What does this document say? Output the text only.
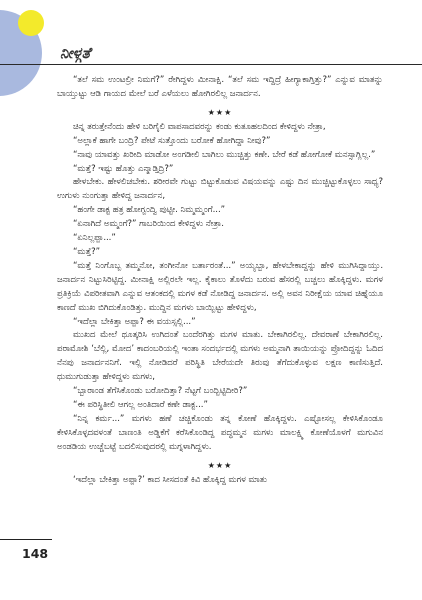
ನೀಳ್ಗತೆ

“ತಲೆ ಸಮ ಉಂಟಲ್ರೀ ನಿಮಗೆ?” ರೇಗಿದ್ದಳು ಮೀನಾಕ್ಷಿ. “ತಲೆ ಸಮ ಇದ್ದಿದ್ರೆ ಹೀಗ್ಯಾಕಾಗ್ತಿತ್ತು?” ಎನ್ನುವ ಮಾತನ್ನು ಬಾಯ್ತುಟ್ಟು ಆಡಿ ಗಾಯದ ಮೇಲೆ ಬರೆ ಎಳೆಯಲು ಹೋಗಿರಲಿಲ್ಲ ಜನಾರ್ದನ.

★★★

ಚಿನ್ನ ತರುತ್ತೇನೆಂದು ಹೇಳಿ ಬರಿಗೈಲಿ ವಾಪಸಾದವರನ್ನು ಕಂಡು ಕುತೂಹಲದಿಂದ ಕೇಳಿದ್ದಳು ನೇತ್ರಾ,

“ಅಲ್ಲಾಕೆ ಹಾಗೇ ಬಂದ್ರಿ? ಪೇಟೆ ಸುತ್ತೊಂದು ಬರೋಕೆ ಹೋಗಿದ್ದಾ ನೀವು?”

“ನಾವು ಯಾವತ್ತು ಖರೀದಿ ಮಾಡೋ ಅಂಗಡೀಲಿ ಬಾಗಿಲು ಮುಚ್ಚಿತ್ತು ಕಣೇ. ಬೇರೆ ಕಡೆ ಹೋಗೋಕೆ ಮನಸ್ಸಾಗ್ಲಿಲ್ಲ.”

“ಮತ್ತೆ? ಇಷ್ಟು ಹೊತ್ತು ಎನ್ಮಾಡ್ತಿದ್ರಿ?”

ಹೇಳಬೇಕು. ಹೇಳಲಿಚಬೇಕು. ಶರೀರವೇ ಗುಟ್ಟು ಬಿಟ್ಟುಕೊಡುವ ವಿಷಯವನ್ನು ಎಷ್ಟು ದಿನ ಮುಚ್ಚಿಟ್ಟುಕೊಳ್ಳಲು ಸಾಧ್ಯ? ಉಗುಳು ನುಂಗುತ್ತಾ ಹೇಳಿದ್ದ ಜನಾರ್ದನ,

“ಹಂಗೇ ಡಾಕ್ಟ ಹತ್ರ ಹೋಗ್ಬಂದ್ವಿ ಪುಟ್ಟೀ. ನಿಮ್ಮಮ್ಮಂಗೆ...”

“ಏನಾಗಿದೆ ಅಮ್ಮಂಗೆ?” ಗಾಬರಿಯಿಂದ ಕೇಳಿದ್ದಳು ನೇತ್ರಾ.

“ಏನಿಲ್ಲಪ್ಪಾ...”

“ಮತ್ತೆ?”

“ಮತ್ತೆ ನಿಂಗೊಬ್ಬ ತಮ್ಮನೋ, ತಂಗೀನೋ ಬರ್ತಾರಂತೆ...” ಅಯ್ಯಬ್ಬಾ, ಹೇಳಬೇಕಾದ್ದನ್ನು ಹೇಳಿ ಮುಗಿಸಿದ್ದಾಯ್ತು. ಜನಾರ್ದನ ನಿಟ್ಟುಸಿರಿಟ್ಟಿದ್ದ. ಮೀನಾಕ್ಷಿ ಅಲ್ಲಿರಲೇ ಇಲ್ಲ. ಕೈಕಾಲು ತೊಳೆದು ಬರುವ ಹೆಸರಲ್ಲಿ ಬಚ್ಚಲು ಹೊಕ್ಕಿದ್ದಳು. ಮಗಳ ಪ್ರತಿಕ್ರಿಯೆ ವಿಪರೀತವಾಗಿ ಎನ್ನುವ ಆತಂಕದಲ್ಲಿ ಮಗಳ ಕಡೆ ನೋಡಿದ್ದ ಜನಾರ್ದನ. ಅಲ್ಲಿ ಅವನ ನಿರೀಕ್ಷೆಯ ಯಾವ ಚಿಹ್ನೆಯೂ ಕಾಣದೆ ಮುಖ ಬಿಗಿದುಕೊಂಡಿತ್ತು. ಮುದ್ದಿನ ಮಗಳು ಬಾಯ್ಬಿಟ್ಟು ಹೇಳಿದ್ದಳು,

“ಇದೆಲ್ಲಾ ಬೇಕಿತ್ತಾ ಅಪ್ಪಾ? ಈ ವಯಸ್ಸಲ್ಲಿ...”

ಮುಖದ ಮೇಲೆ ಥೂತ್ಕರಿಸಿ ಉಗಿದಂತೆ ಬಂದೆರಗಿತ್ತು ಮಗಳ ಮಾತು. ಬೇಕಾಗಿರಲಿಲ್ಲ. ದೇವರಾಣೆ ಬೇಕಾಗಿರಲಿಲ್ಲ. ಪರಾಮೋಶಿ ‘ಬೆಲ್ಲಿ, ಮೋದ’ ಕಾದಂಬರಿಯಲ್ಲಿ ಇಂತಾ ಸಂದರ್ಭದಲ್ಲಿ ಮಗಳು ಅಮ್ಮನಾಗಿ ತಾಯಿಯನ್ನು ಪ್ರೋದಿದ್ದನ್ನು ಓದಿದ ನೆನಪು ಜನಾರ್ದನನಿಗೆ. ಇಲ್ಲಿ ನೋಡಿದರೆ ಪರಿಸ್ಥಿತಿ ಬೇರೆಯದೇ ತಿರುವು ತೆಗೆದುಕೊಳ್ಳುವ ಲಕ್ಷಣ ಕಾಣಿಸುತ್ತಿದೆ. ಧುಮುಗುಡುತ್ತಾ ಹೇಳಿದ್ದಳು ಮಗಳು,

“ಬ್ಬಾರಾಂಡ ತೆಗೆಸಿಕೊಂಡು ಬರೋದಿತ್ತಾ? ನೆಟ್ಟಗೆ ಬಂದ್ಬಿಟ್ಟಿದೀರಿ?”

“ಈ ಪರಿಸ್ಥಿತೀಲಿ ಆಗಲ್ಲ ಅಂತಿದಾರೆ ಕಣೇ ಡಾಕ್ಟ...”

“ನಿನ್ನ ಕರ್ಮ...” ಮಗಳು ಹಣೆ ಚಚ್ಚಿಕೊಂಡು ತನ್ನ ಕೋಣೆ ಹೊಕ್ಕಿದ್ದಳು. ಎಷ್ಟೋಸಲ್ಲ ಕೇಳಿಸಿಕೊಂಡೂ ಕೇಳಿಸಿಕೊಳ್ಳದವಳಂತೆ ಬಾಣಂತಿ ಅಡ್ಡಿಕೆಗೆ ಕರೆಸಿಕೊಂಡಿದ್ದ ಪದ್ಧಮ್ಮನ ಮಗಳು ಮಾಲಕ್ಷ್ಮಿ ಕೋಣೆಯೊಳಗೆ ಮಗುವಿನ ಅಂಡಡಿಯ ಉಚ್ಚೆಬಟ್ಟೆ ಬದಲಿಸುವುದರಲ್ಲಿ ಮಗ್ನಳಾಗಿದ್ದಳು.

★★★

‘ಇದೆಲ್ಲಾ ಬೇಕಿತ್ತಾ ಅಪ್ಪಾ?’ ಕಾದ ಸೀಸದಂತೆ ಕಿವಿ ಹೊಕ್ಕಿದ್ದ ಮಗಳ ಮಾತು

148
